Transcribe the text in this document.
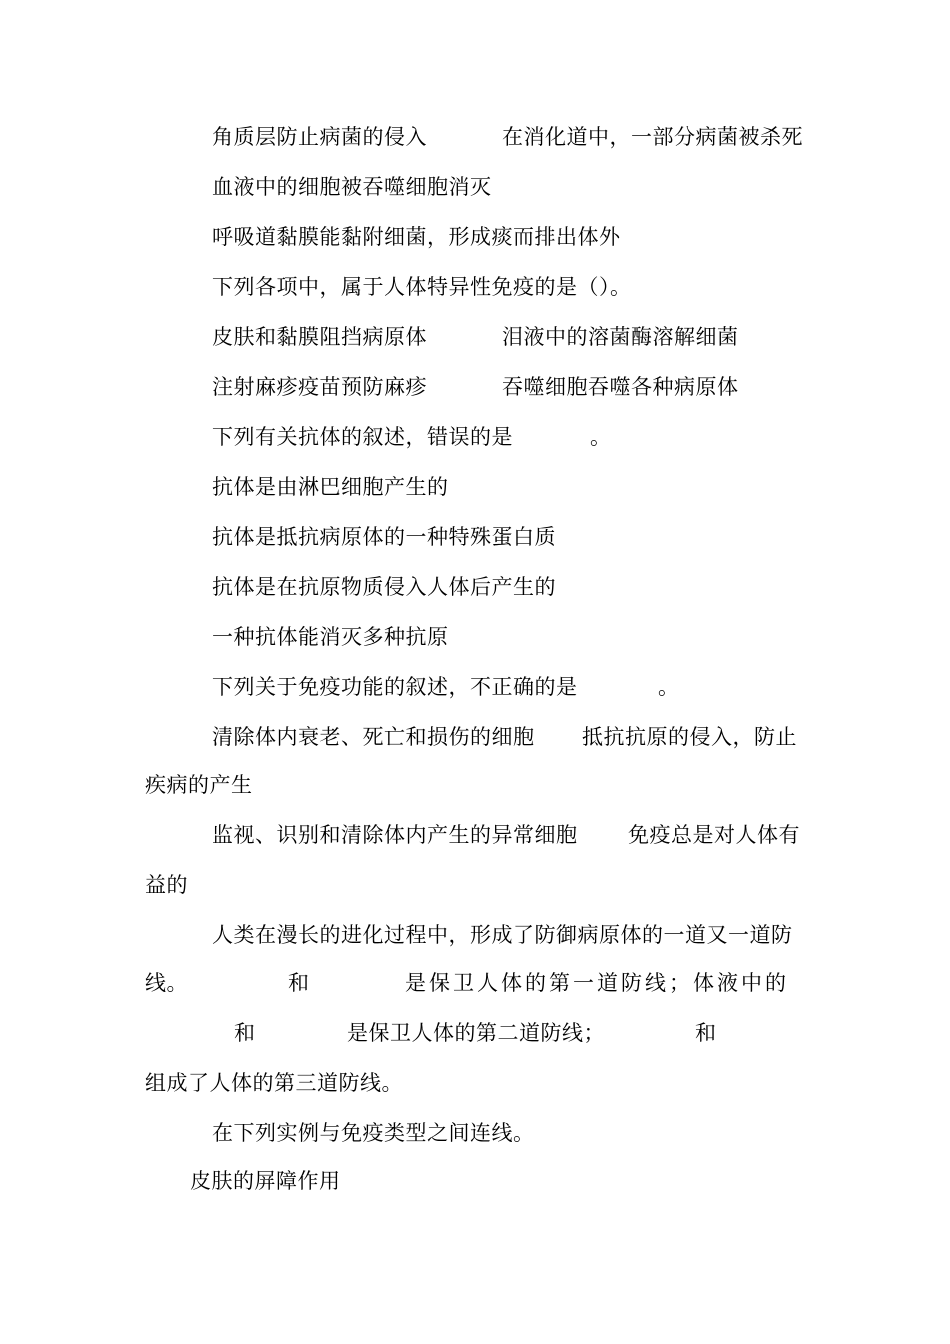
角质层防止病菌的侵入	在消化道中，一部分病菌被杀死
血液中的细胞被吞噬细胞消灭
呼吸道黏膜能黏附细菌，形成痰而排出体外
下列各项中，属于人体特异性免疫的是（）。
皮肤和黏膜阻挡病原体	泪液中的溶菌酶溶解细菌
注射麻疹疫苗预防麻疹	吞噬细胞吞噬各种病原体
下列有关抗体的叙述，错误的是	。
抗体是由淋巴细胞产生的
抗体是抵抗病原体的一种特殊蛋白质
抗体是在抗原物质侵入人体后产生的
一种抗体能消灭多种抗原
下列关于免疫功能的叙述，不正确的是	。
清除体内衰老、死亡和损伤的细胞 抵抗抗原的侵入，防止
疾病的产生
监视、识别和清除体内产生的异常细胞 免疫总是对人体有
益的
人类在漫长的进化过程中，形成了防御病原体的一道又一道防
线。	和	是保卫人体的第一道防线；体液中的
和	是保卫人体的第二道防线；	和
组成了人体的第三道防线。
在下列实例与免疫类型之间连线。
皮肤的屏障作用
